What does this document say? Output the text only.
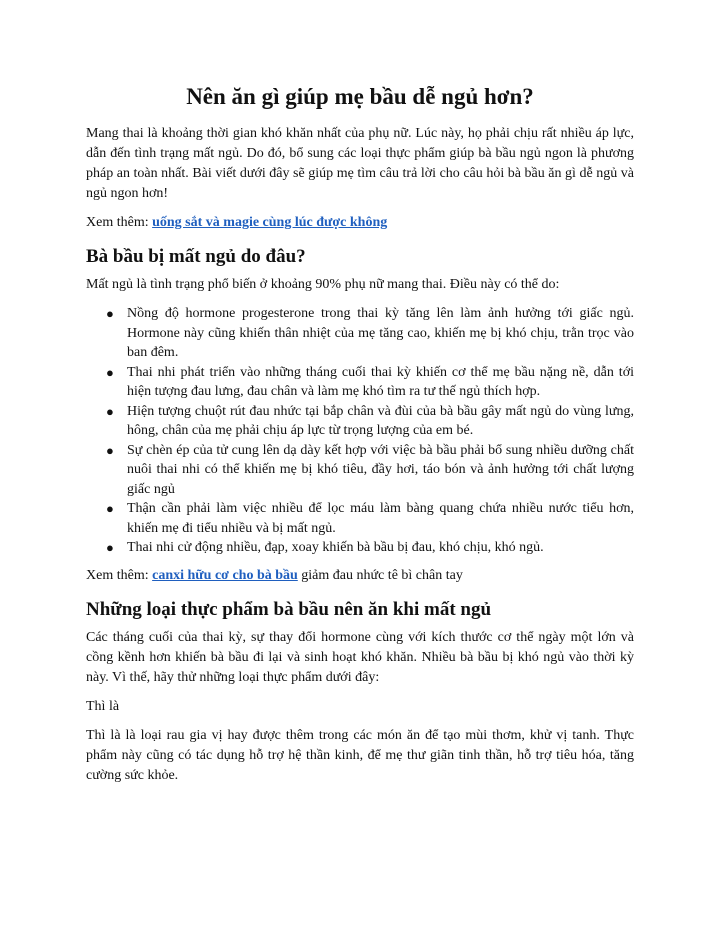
Nên ăn gì giúp mẹ bầu dễ ngủ hơn?

Mang thai là khoảng thời gian khó khăn nhất của phụ nữ. Lúc này, họ phải chịu rất nhiều áp lực, dẫn đến tình trạng mất ngủ. Do đó, bổ sung các loại thực phẩm giúp bà bầu ngủ ngon là phương pháp an toàn nhất. Bài viết dưới đây sẽ giúp mẹ tìm câu trả lời cho câu hỏi bà bầu ăn gì dễ ngủ và ngủ ngon hơn!

Xem thêm: uống sắt và magie cùng lúc được không

Bà bầu bị mất ngủ do đâu?

Mất ngủ là tình trạng phổ biến ở khoảng 90% phụ nữ mang thai. Điều này có thể do:

● Nồng độ hormone progesterone trong thai kỳ tăng lên làm ảnh hưởng tới giấc ngủ. Hormone này cũng khiến thân nhiệt của mẹ tăng cao, khiến mẹ bị khó chịu, trằn trọc vào ban đêm.
● Thai nhi phát triển vào những tháng cuối thai kỳ khiến cơ thể mẹ bầu nặng nề, dẫn tới hiện tượng đau lưng, đau chân và làm mẹ khó tìm ra tư thế ngủ thích hợp.
● Hiện tượng chuột rút đau nhức tại bắp chân và đùi của bà bầu gây mất ngủ do vùng lưng, hông, chân của mẹ phải chịu áp lực từ trọng lượng của em bé.
● Sự chèn ép của tử cung lên dạ dày kết hợp với việc bà bầu phải bổ sung nhiều dưỡng chất nuôi thai nhi có thể khiến mẹ bị khó tiêu, đầy hơi, táo bón và ảnh hưởng tới chất lượng giấc ngủ
● Thận cần phải làm việc nhiều để lọc máu làm bàng quang chứa nhiều nước tiểu hơn, khiến mẹ đi tiểu nhiều và bị mất ngủ.
● Thai nhi cử động nhiều, đạp, xoay khiến bà bầu bị đau, khó chịu, khó ngủ.

Xem thêm: canxi hữu cơ cho bà bầu giảm đau nhức tê bì chân tay

Những loại thực phẩm bà bầu nên ăn khi mất ngủ

Các tháng cuối của thai kỳ, sự thay đổi hormone cùng với kích thước cơ thể ngày một lớn và cồng kềnh hơn khiến bà bầu đi lại và sinh hoạt khó khăn. Nhiều bà bầu bị khó ngủ vào thời kỳ này. Vì thế, hãy thử những loại thực phẩm dưới đây:

Thì là

Thì là là loại rau gia vị hay được thêm trong các món ăn để tạo mùi thơm, khử vị tanh. Thực phẩm này cũng có tác dụng hỗ trợ hệ thần kinh, để mẹ thư giãn tinh thần, hỗ trợ tiêu hóa, tăng cường sức khỏe.
